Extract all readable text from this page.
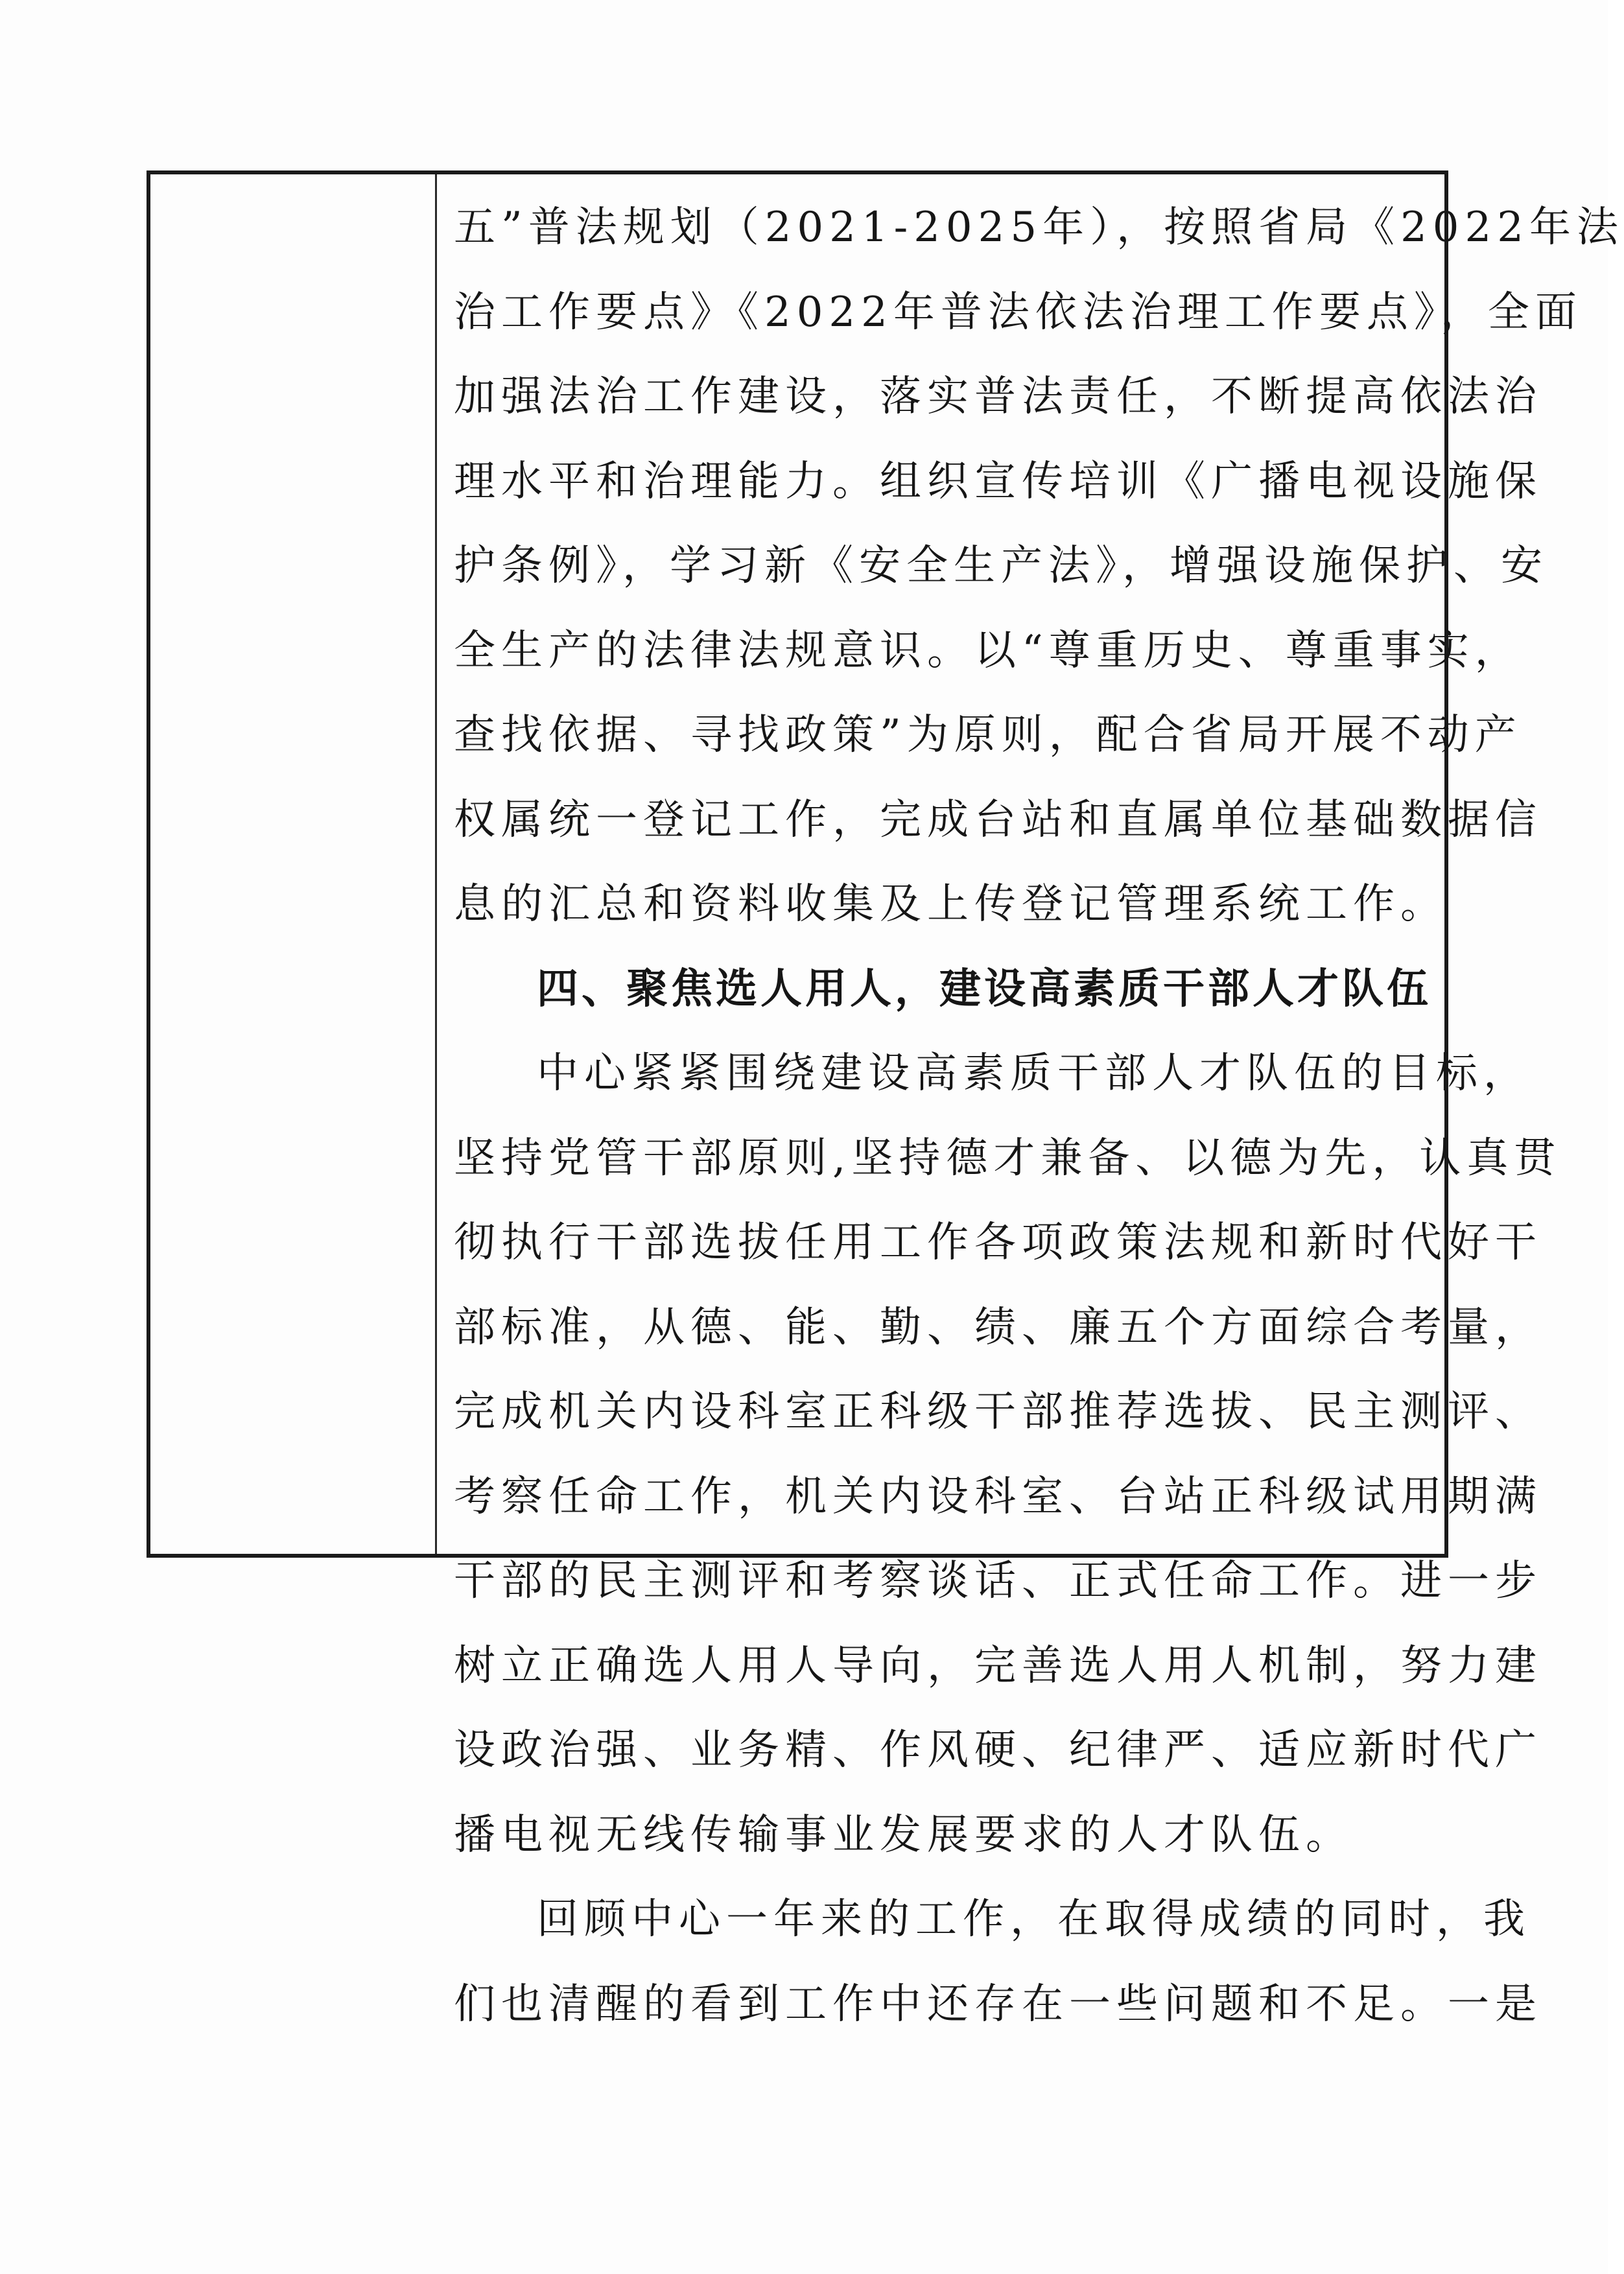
五”普法规划（2021-2025年），按照省局《2022年法
治工作要点》《2022年普法依法治理工作要点》，全面
加强法治工作建设，落实普法责任，不断提高依法治
理水平和治理能力。组织宣传培训《广播电视设施保
护条例》，学习新《安全生产法》，增强设施保护、安
全生产的法律法规意识。以“尊重历史、尊重事实，
查找依据、寻找政策”为原则，配合省局开展不动产
权属统一登记工作，完成台站和直属单位基础数据信
息的汇总和资料收集及上传登记管理系统工作。
四、聚焦选人用人，建设高素质干部人才队伍
中心紧紧围绕建设高素质干部人才队伍的目标，
坚持党管干部原则,坚持德才兼备、以德为先，认真贯
彻执行干部选拔任用工作各项政策法规和新时代好干
部标准，从德、能、勤、绩、廉五个方面综合考量，
完成机关内设科室正科级干部推荐选拔、民主测评、
考察任命工作，机关内设科室、台站正科级试用期满
干部的民主测评和考察谈话、正式任命工作。进一步
树立正确选人用人导向，完善选人用人机制，努力建
设政治强、业务精、作风硬、纪律严、适应新时代广
播电视无线传输事业发展要求的人才队伍。
回顾中心一年来的工作，在取得成绩的同时，我
们也清醒的看到工作中还存在一些问题和不足。一是
